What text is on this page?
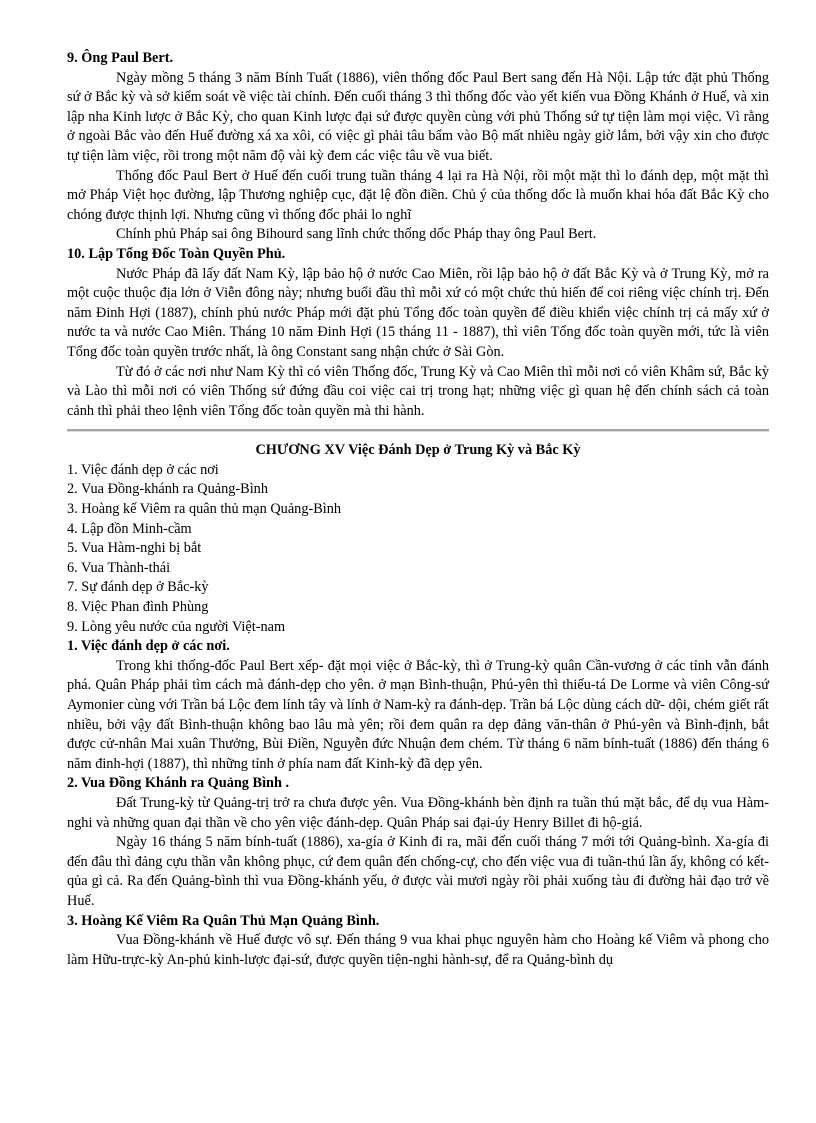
9. Ông Paul Bert.

Ngày mồng 5 tháng 3 năm Bính Tuất (1886), viên thống đốc Paul Bert sang đến Hà Nội. Lập tức đặt phủ Thống sứ ở Bắc kỳ và sở kiểm soát về việc tài chính. Đến cuối tháng 3 thì thống đốc vào yết kiến vua Đồng Khánh ở Huế, và xin lập nha Kinh lược ở Bắc Kỳ, cho quan Kinh lược đại sứ được quyền cùng với phủ Thống sứ tự tiện làm mọi việc. Vì rằng ở ngoài Bắc vào đến Huế đường xá xa xôi, có việc gì phải tâu bẩm vào Bộ mất nhiều ngày giờ lắm, bởi vậy xin cho được tự tiện làm việc, rồi trong một năm độ vài kỳ đem các việc tâu về vua biết.

Thống đốc Paul Bert ở Huế đến cuối trung tuần tháng 4 lại ra Hà Nội, rồi một mặt thì lo đánh dẹp, một mặt thì mở Pháp Việt học đường, lập Thương nghiệp cục, đặt lệ đồn điền. Chủ ý của thống dốc là muốn khai hóa đất Bắc Kỳ cho chóng được thịnh lợi. Nhưng cũng vì thống đốc phải lo nghĩ

Chính phủ Pháp sai ông Bihourd sang lĩnh chức thống dốc Pháp thay ông Paul Bert.

10. Lập Tổng Đốc Toàn Quyền Phủ.

Nước Pháp đã lấy đất Nam Kỳ, lập bảo hộ ở nước Cao Miên, rồi lập bảo hộ ở đất Bắc Kỳ và ở Trung Kỳ, mở ra một cuộc thuộc địa lớn ở Viễn đông này; nhưng buổi đầu thì mỗi xứ có một chức thủ hiến để coi riêng việc chính trị. Đến năm Đinh Hợi (1887), chính phủ nước Pháp mới đặt phủ Tổng đốc toàn quyền để điều khiển việc chính trị cả mấy xứ ở nước ta và nước Cao Miên. Tháng 10 năm Đinh Hợi (15 tháng 11 - 1887), thì viên Tổng đốc toàn quyền mới, tức là viên Tổng đốc toàn quyền trước nhất, là ông Constant sang nhận chức ở Sài Gòn.

Từ đó ở các nơi như Nam Kỳ thì có viên Thống đốc, Trung Kỳ và Cao Miên thì mỗi nơi có viên Khâm sứ, Bắc kỳ và Lào thì mỗi nơi có viên Thống sứ đứng đầu coi việc cai trị trong hạt; những việc gì quan hệ đến chính sách cả toàn cảnh thì phải theo lệnh viên Tổng đốc toàn quyền mà thi hành.

CHƯƠNG XV Việc Đánh Dẹp ở Trung Kỳ và Bắc Kỳ

1. Việc đánh dẹp ở các nơi
2. Vua Đồng-khánh ra Quảng-Bình
3. Hoàng kế Viêm ra quân thủ mạn Quảng-Bình
4. Lập đồn Minh-cầm
5. Vua Hàm-nghi bị bắt
6. Vua Thành-thái
7. Sự đánh dẹp ở Bắc-kỳ
8. Việc Phan đình Phùng
9. Lòng yêu nước của người Việt-nam

1. Việc đánh dẹp ở các nơi.

Trong khi thống-đốc Paul Bert xếp- đặt mọi việc ở Bắc-kỳ, thì ở Trung-kỳ quân Cần-vương ở các tỉnh vẫn đánh phá. Quân Pháp phải tìm cách mà đánh-dẹp cho yên. ở mạn Bình-thuận, Phú-yên thì thiếu-tá De Lorme và viên Công-sứ Aymonier cùng với Trần bá Lộc đem lính tây và lính ở Nam-kỳ ra đánh-dẹp. Trần bá Lộc dùng cách dữ- dội, chém giết rất nhiều, bởi vậy đất Bình-thuận không bao lâu mà yên; rồi đem quân ra dẹp đảng văn-thân ở Phú-yên và Bình-định, bắt được cử-nhân Mai xuân Thưởng, Bùi Điền, Nguyễn đức Nhuận đem chém. Từ tháng 6 năm bính-tuất (1886) đến tháng 6 năm đinh-hợi (1887), thì những tỉnh ở phía nam đất Kinh-kỳ đã dẹp yên.

2. Vua Đồng Khánh ra Quảng Bình .

Đất Trung-kỳ từ Quảng-trị trở ra chưa được yên. Vua Đồng-khánh bèn định ra tuần thú mặt bắc, để dụ vua Hàm-nghi và những quan đại thần về cho yên việc đánh-dẹp. Quân Pháp sai đại-úy Henry Billet đi hộ-giá.

Ngày 16 tháng 5 năm bính-tuất (1886), xa-gía ở Kinh đi ra, mãi đến cuối tháng 7 mới tới Quảng-bình. Xa-gía đi đến đâu thì đảng cựu thần vẫn không phục, cứ đem quân đến chống-cự, cho đến việc vua đi tuần-thú lần ấy, không có kết-qủa gì cả. Ra đến Quảng-bình thì vua Đồng-khánh yếu, ở được vài mươi ngày rồi phải xuống tàu đi đường hải đạo trở về Huế.

3. Hoàng Kế Viêm Ra Quân Thủ Mạn Quảng Bình.

Vua Đồng-khánh về Huế được vô sự. Đến tháng 9 vua khai phục nguyên hàm cho Hoàng kế Viêm và phong cho làm Hữu-trực-kỳ An-phủ kinh-lược đại-sứ, được quyền tiện-nghi hành-sự, để ra Quảng-bình dụ
